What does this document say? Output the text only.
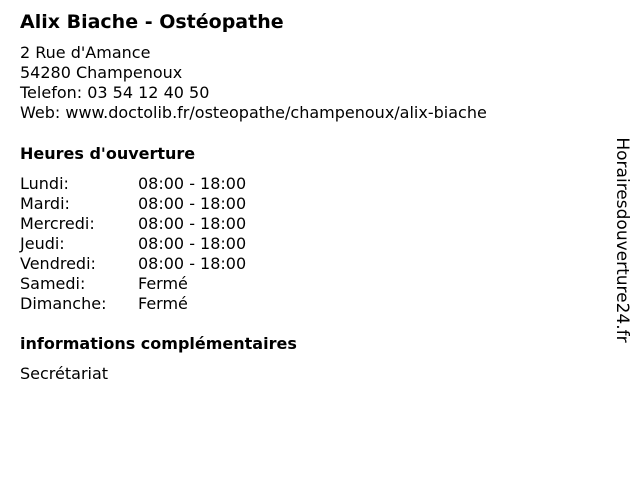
Alix Biache - Ostéopathe
2 Rue d'Amance
54280 Champenoux
Telefon: 03 54 12 40 50
Web: www.doctolib.fr/osteopathe/champenoux/alix-biache
Heures d'ouverture
Lundi:	08:00 - 18:00
Mardi:	08:00 - 18:00
Mercredi:	08:00 - 18:00
Jeudi:	08:00 - 18:00
Vendredi:	08:00 - 18:00
Samedi:	Fermé
Dimanche: Fermé
informations complémentaires
Secrétariat
Horairesdouverture24.fr
